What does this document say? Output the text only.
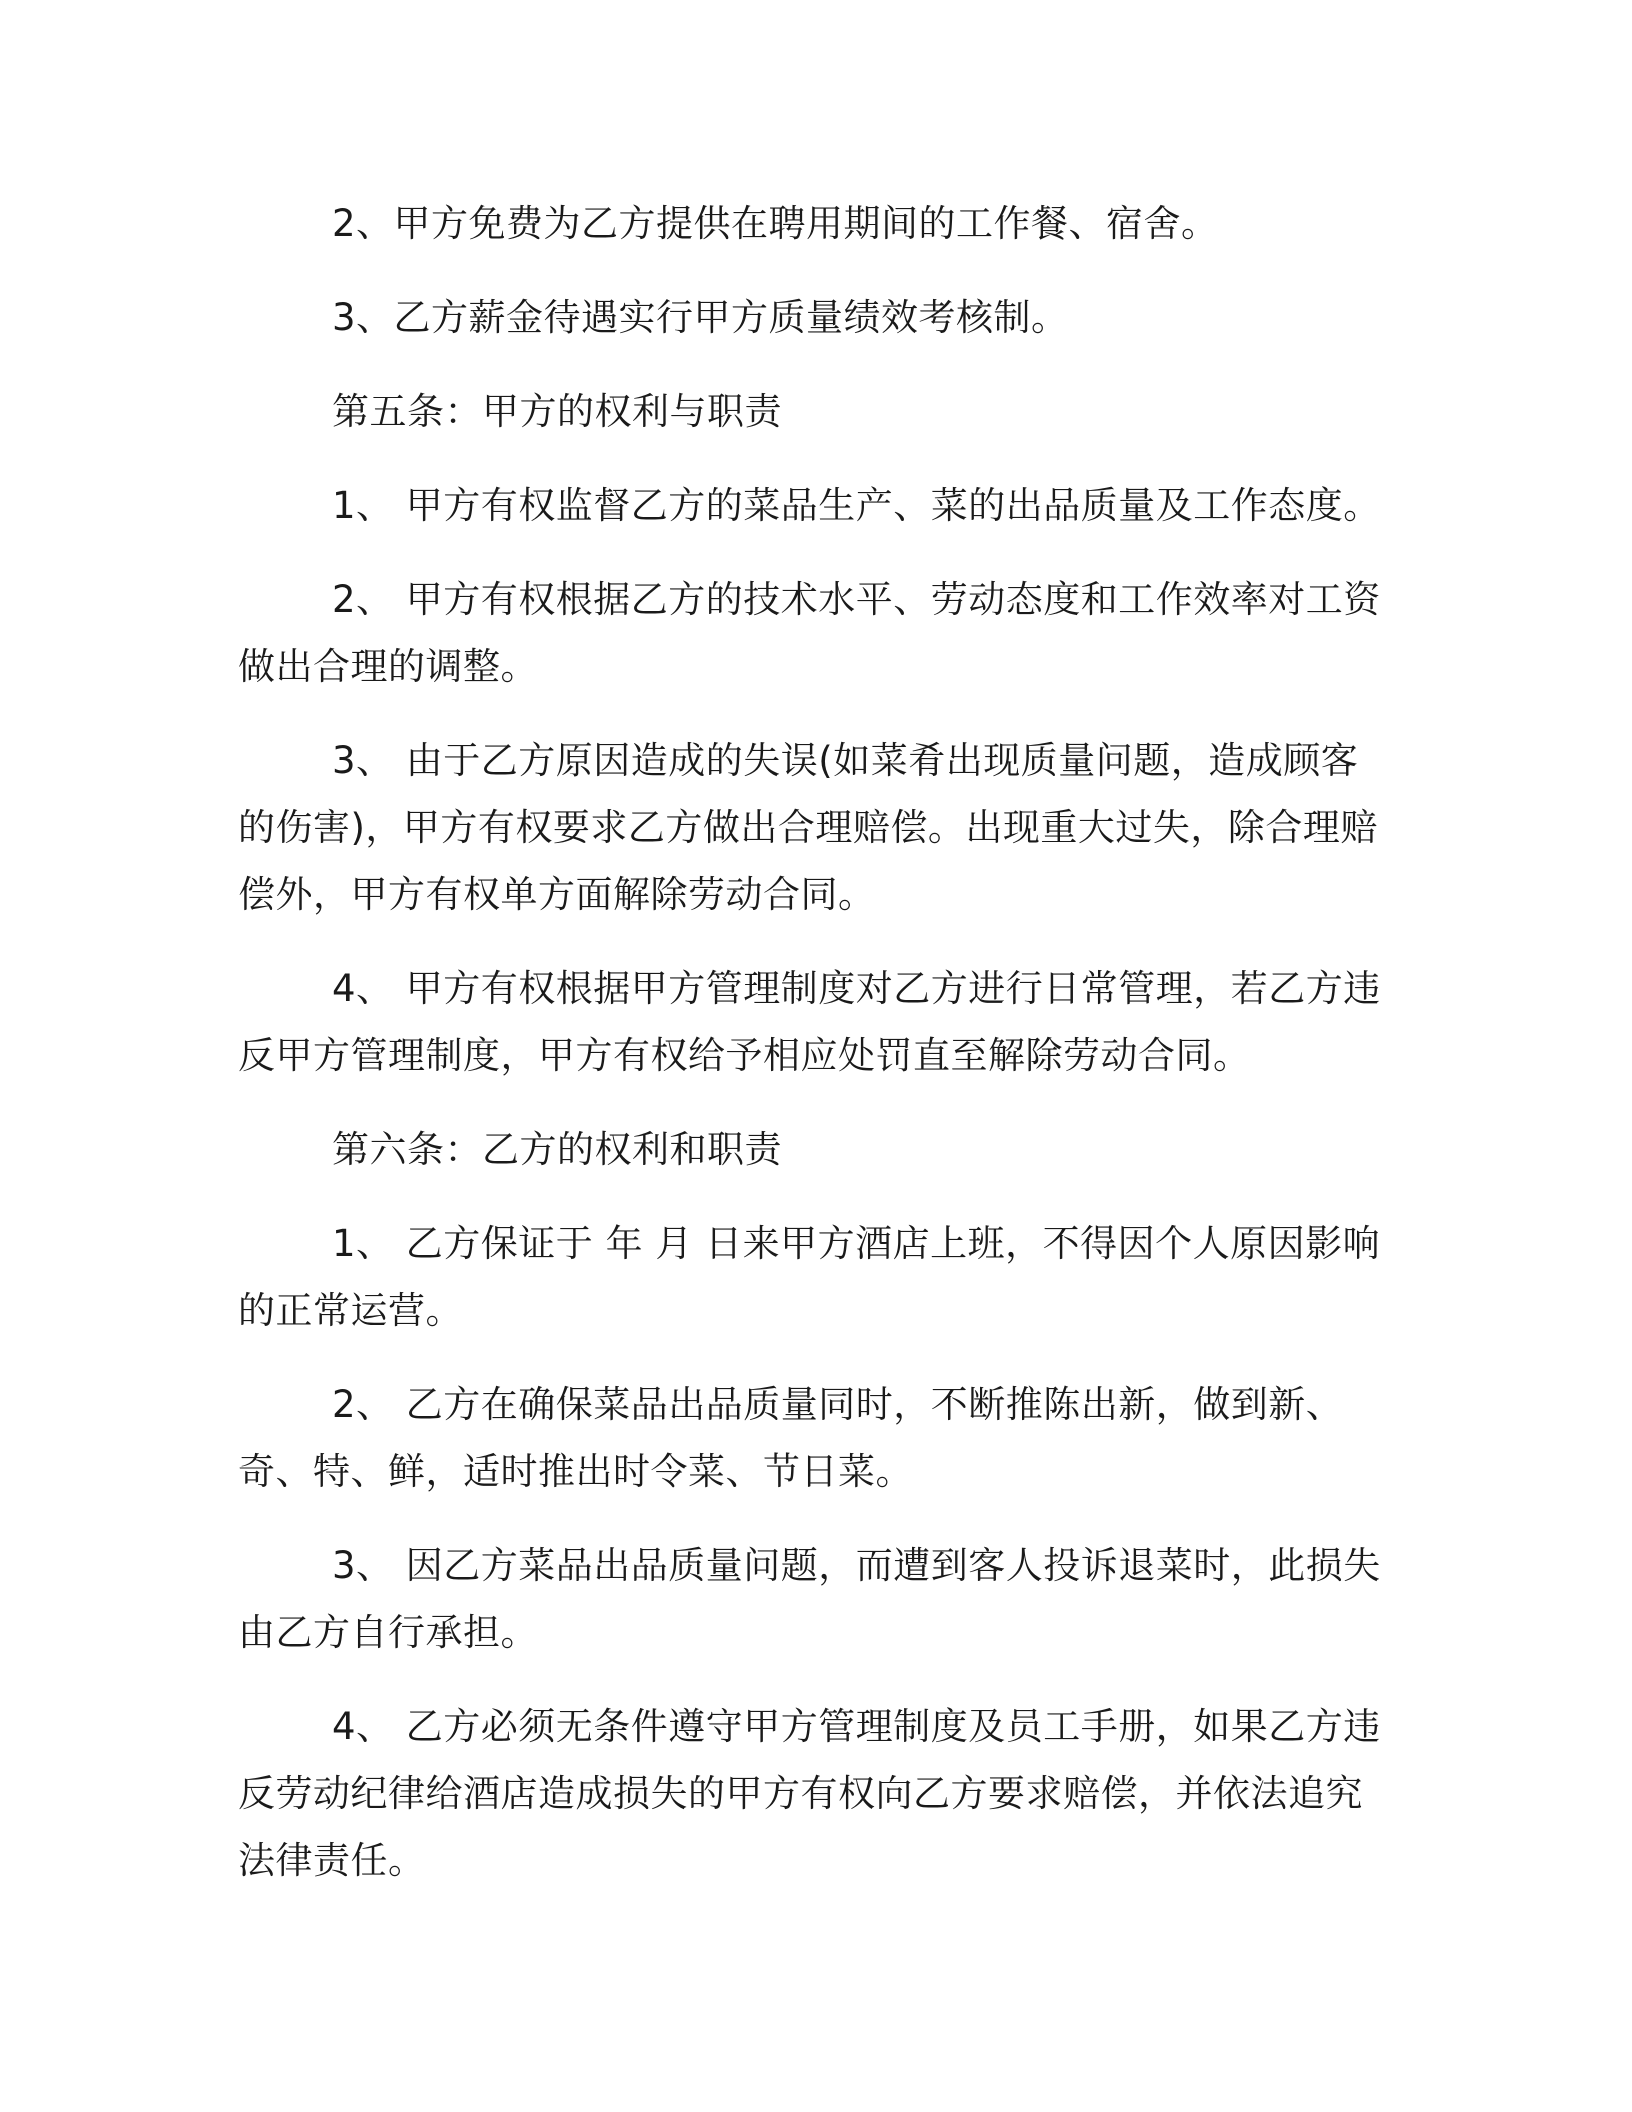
2、甲方免费为乙方提供在聘用期间的工作餐、宿舍。

3、乙方薪金待遇实行甲方质量绩效考核制。

第五条：甲方的权利与职责

1、 甲方有权监督乙方的菜品生产、菜的出品质量及工作态度。

2、 甲方有权根据乙方的技术水平、劳动态度和工作效率对工资做出合理的调整。

3、 由于乙方原因造成的失误(如菜肴出现质量问题，造成顾客的伤害)，甲方有权要求乙方做出合理赔偿。出现重大过失，除合理赔偿外，甲方有权单方面解除劳动合同。

4、 甲方有权根据甲方管理制度对乙方进行日常管理，若乙方违反甲方管理制度，甲方有权给予相应处罚直至解除劳动合同。

第六条：乙方的权利和职责

1、 乙方保证于 年 月 日来甲方酒店上班，不得因个人原因影响的正常运营。

2、 乙方在确保菜品出品质量同时，不断推陈出新，做到新、奇、特、鲜，适时推出时令菜、节日菜。

3、 因乙方菜品出品质量问题，而遭到客人投诉退菜时，此损失由乙方自行承担。

4、 乙方必须无条件遵守甲方管理制度及员工手册，如果乙方违反劳动纪律给酒店造成损失的甲方有权向乙方要求赔偿，并依法追究法律责任。
